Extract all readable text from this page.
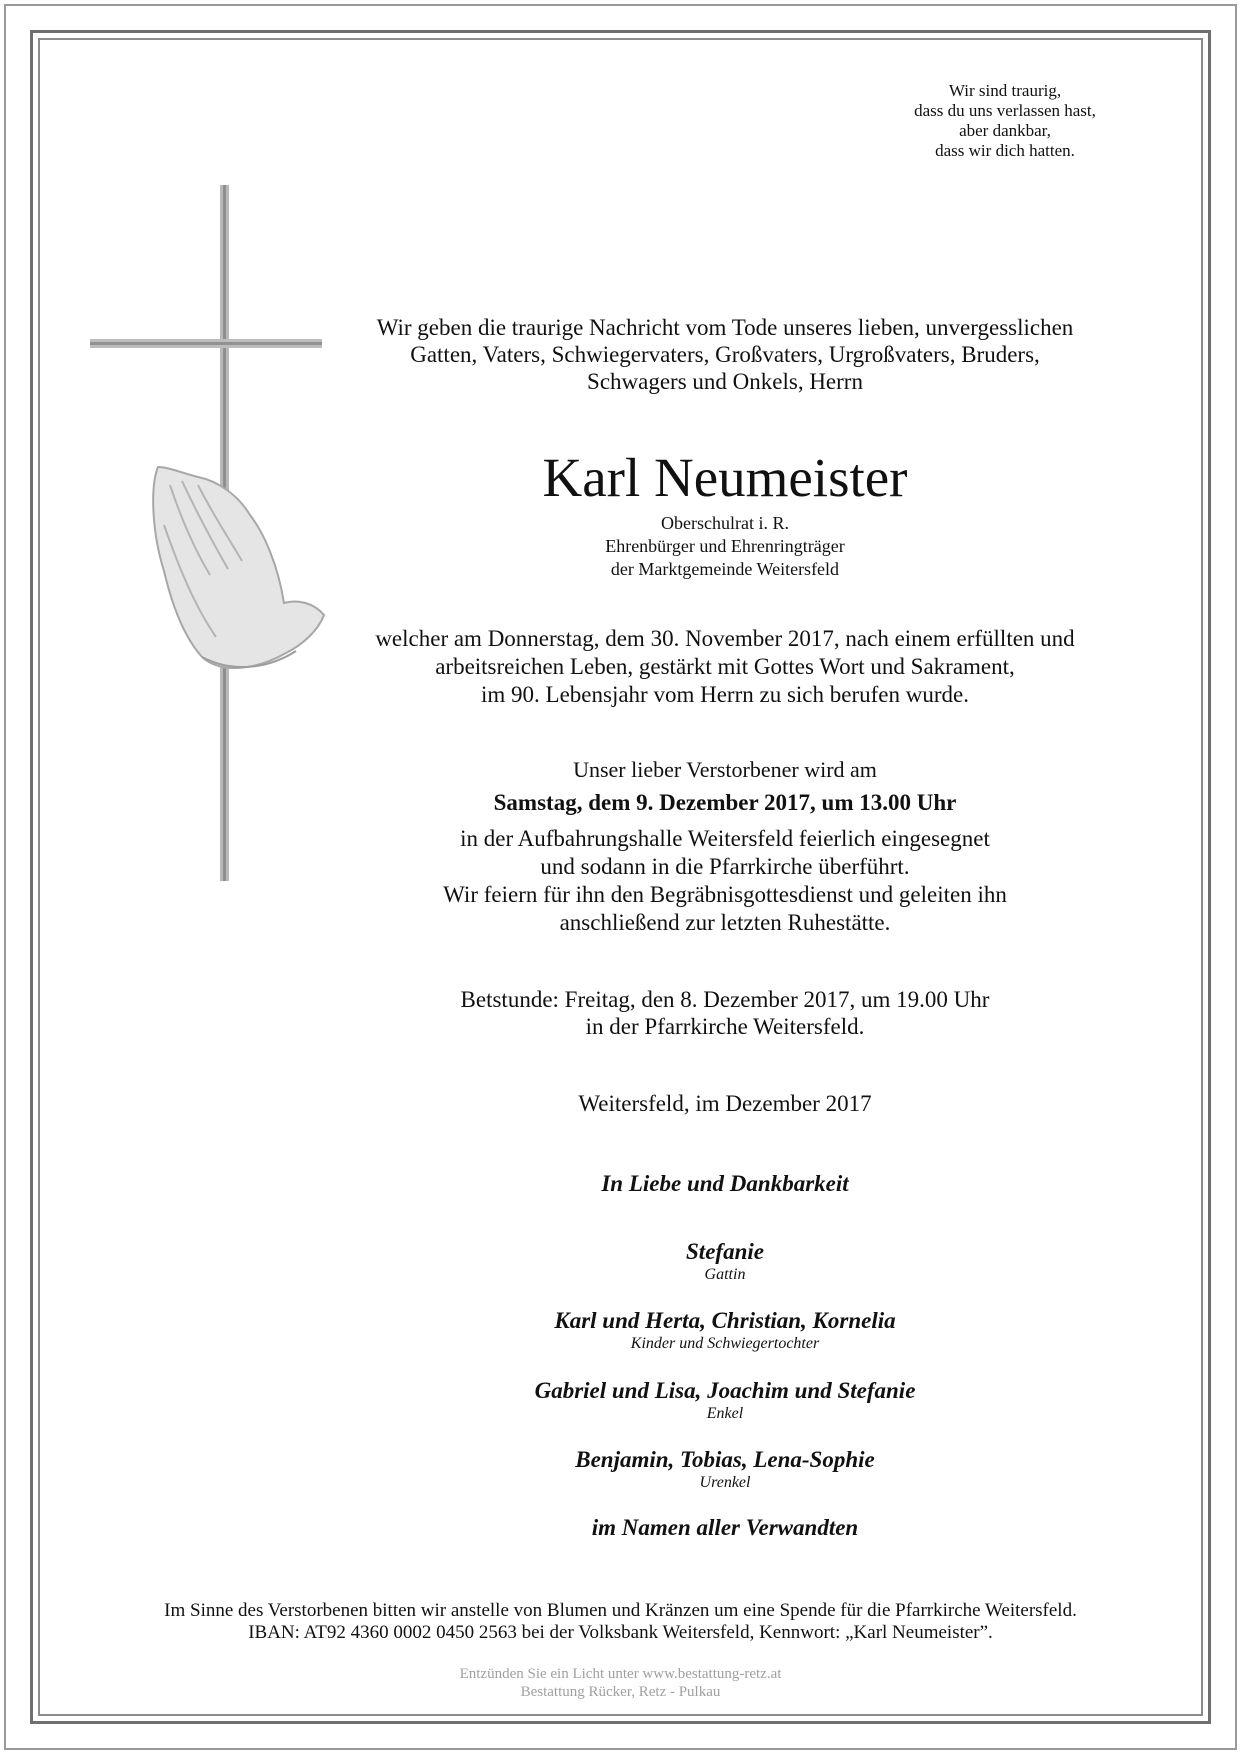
Wir sind traurig,
dass du uns verlassen hast,
aber dankbar,
dass wir dich hatten.
Wir geben die traurige Nachricht vom Tode unseres lieben, unvergesslichen
Gatten, Vaters, Schwiegervaters, Großvaters, Urgroßvaters, Bruders,
Schwagers und Onkels, Herrn
Karl Neumeister
Oberschulrat i. R.
Ehrenbürger und Ehrenringträger
der Marktgemeinde Weitersfeld
welcher am Donnerstag, dem 30. November 2017, nach einem erfüllten und
arbeitsreichen Leben, gestärkt mit Gottes Wort und Sakrament,
im 90. Lebensjahr vom Herrn zu sich berufen wurde.
Unser lieber Verstorbener wird am
Samstag, dem 9. Dezember 2017, um 13.00 Uhr
in der Aufbahrungshalle Weitersfeld feierlich eingesegnet
und sodann in die Pfarrkirche überführt.
Wir feiern für ihn den Begräbnisgottesdienst und geleiten ihn
anschließend zur letzten Ruhestätte.
Betstunde: Freitag, den 8. Dezember 2017, um 19.00 Uhr
in der Pfarrkirche Weitersfeld.
Weitersfeld, im Dezember 2017
In Liebe und Dankbarkeit
Stefanie
Gattin
Karl und Herta, Christian, Kornelia
Kinder und Schwiegertochter
Gabriel und Lisa, Joachim und Stefanie
Enkel
Benjamin, Tobias, Lena-Sophie
Urenkel
im Namen aller Verwandten
Im Sinne des Verstorbenen bitten wir anstelle von Blumen und Kränzen um eine Spende für die Pfarrkirche Weitersfeld.
IBAN: AT92 4360 0002 0450 2563 bei der Volksbank Weitersfeld, Kennwort: „Karl Neumeister”.
Entzünden Sie ein Licht unter www.bestattung-retz.at
Bestattung Rücker, Retz - Pulkau
